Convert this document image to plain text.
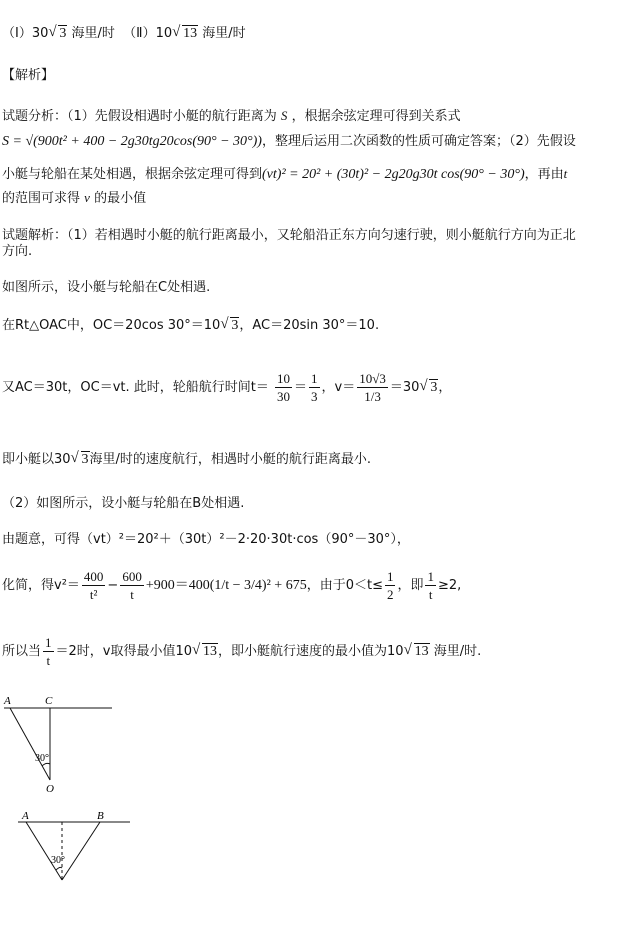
（Ⅰ）30√ 3 海里/时 （Ⅱ）10√ 13 海里/时
【解析】
试题分析：（1）先假设相遇时小艇的航行距离为 S ，根据余弦定理可得到关系式
S = √(900t² + 400 − 2g30tg20cos(90° − 30°))，整理后运用二次函数的性质可确定答案；（2）先假设
小艇与轮船在某处相遇，根据余弦定理可得到(vt)² = 20² + (30t)² − 2g20g30t cos(90° − 30°)，再由t
的范围可求得 v 的最小值
试题解析：（1）若相遇时小艇的航行距离最小，又轮船沿正东方向匀速行驶，则小艇航行方向为正北
方向.
如图所示，设小艇与轮船在C处相遇.
在Rt△OAC中，OC＝20cos 30°＝10√ 3，AC＝20sin 30°＝10.
又AC＝30t，OC＝vt. 此时，轮船航行时间$t= \frac{10}{30} = \frac{1}{3}$ ，$v= \frac{10√3}{1/3} =30√$ 3，
即小艇以30√ 3海里/时的速度航行，相遇时小艇的航行距离最小.
（2）如图所示，设小艇与轮船在B处相遇.
由题意，可得（vt）²＝20²＋（30t）²－2·20·30t·cos（90°－30°），
化简，得$v^2= \frac{400}{\text{t²}} - \frac{600}{t} +900=400(1/t - 3/4)^2 + 675$，由于$0<t\le \frac{1}{2}$ ，即 $\frac{1}{t} \ge 2$,
所以当 $\frac{1}{t} =2$时，v取得最小值10√ 13，即小艇航行速度的最小值为10√ 13 海里/时.
A	C
O
30°
A	B
30°
